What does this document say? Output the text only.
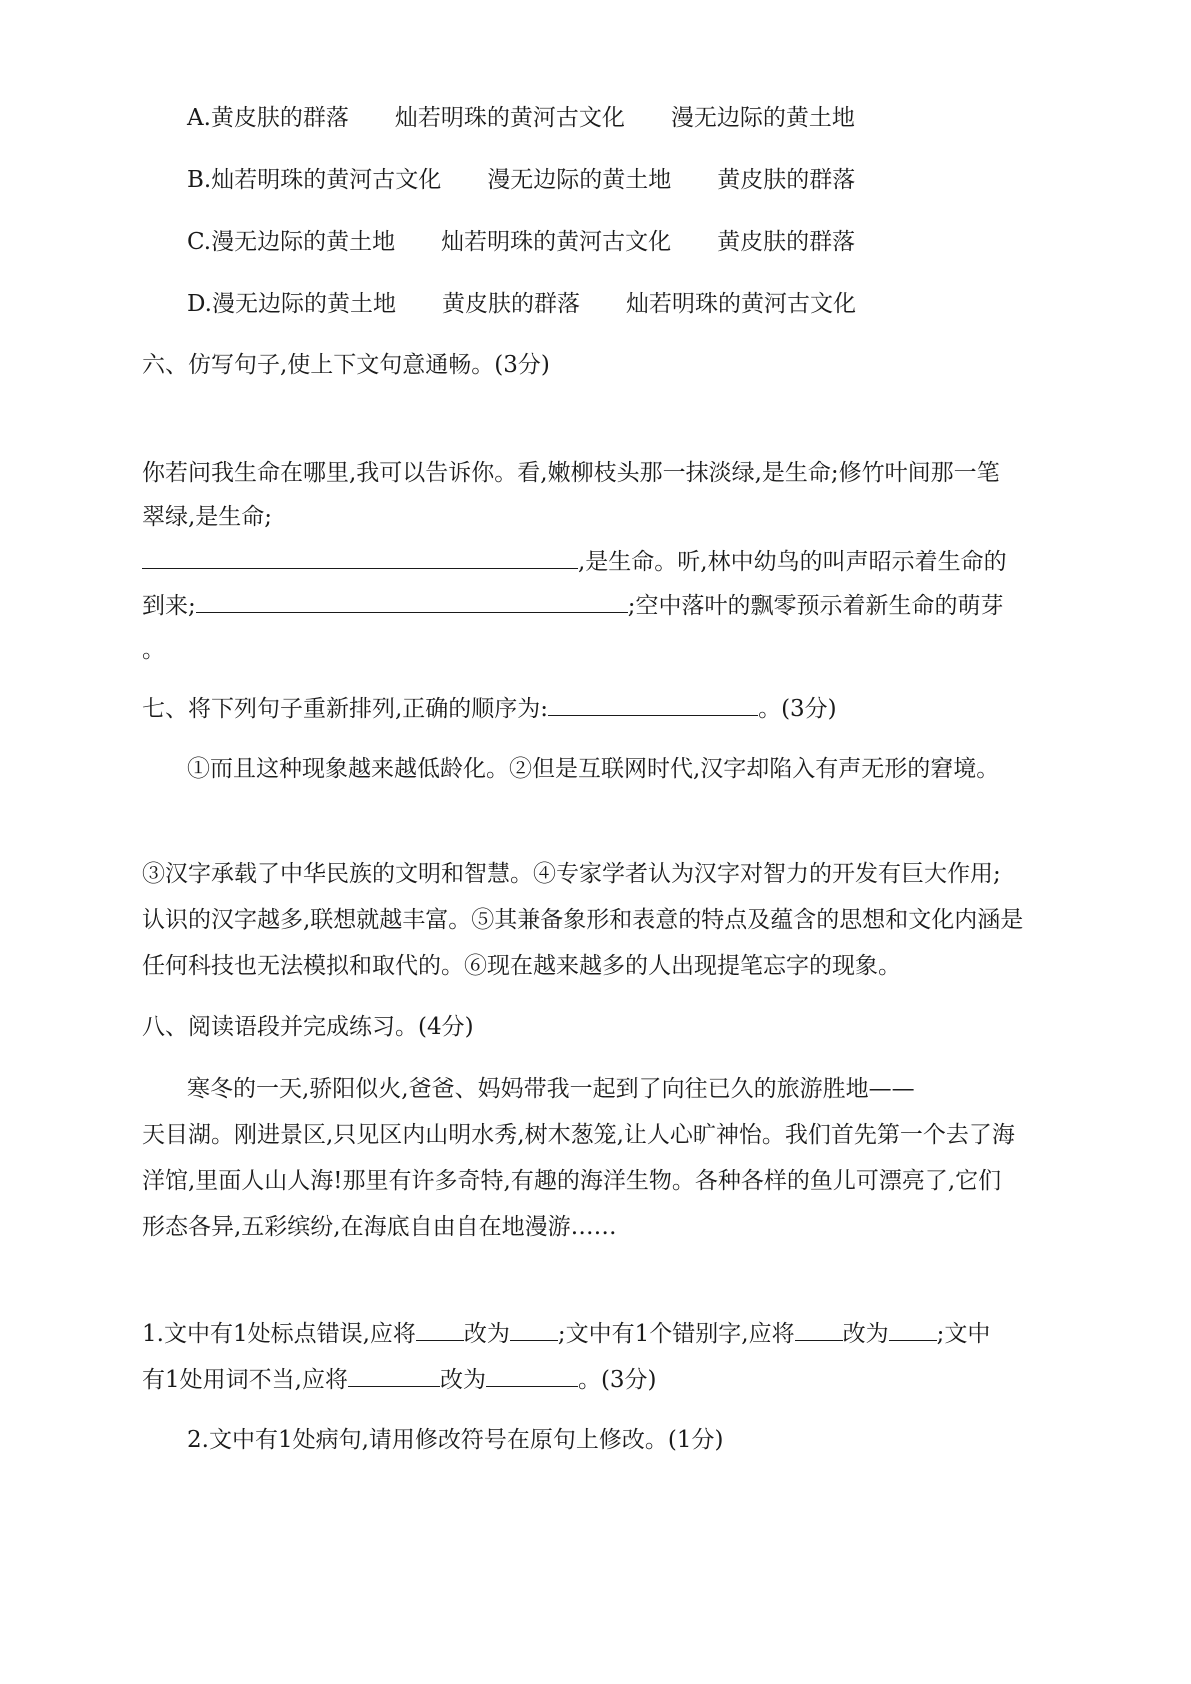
A.黄皮肤的群落 灿若明珠的黄河古文化 漫无边际的黄土地
B.灿若明珠的黄河古文化 漫无边际的黄土地 黄皮肤的群落
C.漫无边际的黄土地 灿若明珠的黄河古文化 黄皮肤的群落
D.漫无边际的黄土地 黄皮肤的群落 灿若明珠的黄河古文化
六、仿写句子,使上下文句意通畅。(3分)
你若问我生命在哪里,我可以告诉你。看,嫩柳枝头那一抹淡绿,是生命;修竹叶间那一笔
翠绿,是生命;
,是生命。听,林中幼鸟的叫声昭示着生命的
到来;	;空中落叶的飘零预示着新生命的萌芽
。
七、将下列句子重新排列,正确的顺序为:	。(3分)
①而且这种现象越来越低龄化。②但是互联网时代,汉字却陷入有声无形的窘境。
③汉字承载了中华民族的文明和智慧。④专家学者认为汉字对智力的开发有巨大作用;
认识的汉字越多,联想就越丰富。⑤其兼备象形和表意的特点及蕴含的思想和文化内涵是
任何科技也无法模拟和取代的。⑥现在越来越多的人出现提笔忘字的现象。
八、阅读语段并完成练习。(4分)
寒冬的一天,骄阳似火,爸爸、妈妈带我一起到了向往已久的旅游胜地——
天目湖。刚进景区,只见区内山明水秀,树木葱笼,让人心旷神怡。我们首先第一个去了海
洋馆,里面人山人海!那里有许多奇特,有趣的海洋生物。各种各样的鱼儿可漂亮了,它们
形态各异,五彩缤纷,在海底自由自在地漫游……
1.文中有1处标点错误,应将 改为 ;文中有1个错别字,应将 改为 ;文中
有1处用词不当,应将	改为	。(3分)
2.文中有1处病句,请用修改符号在原句上修改。(1分)
